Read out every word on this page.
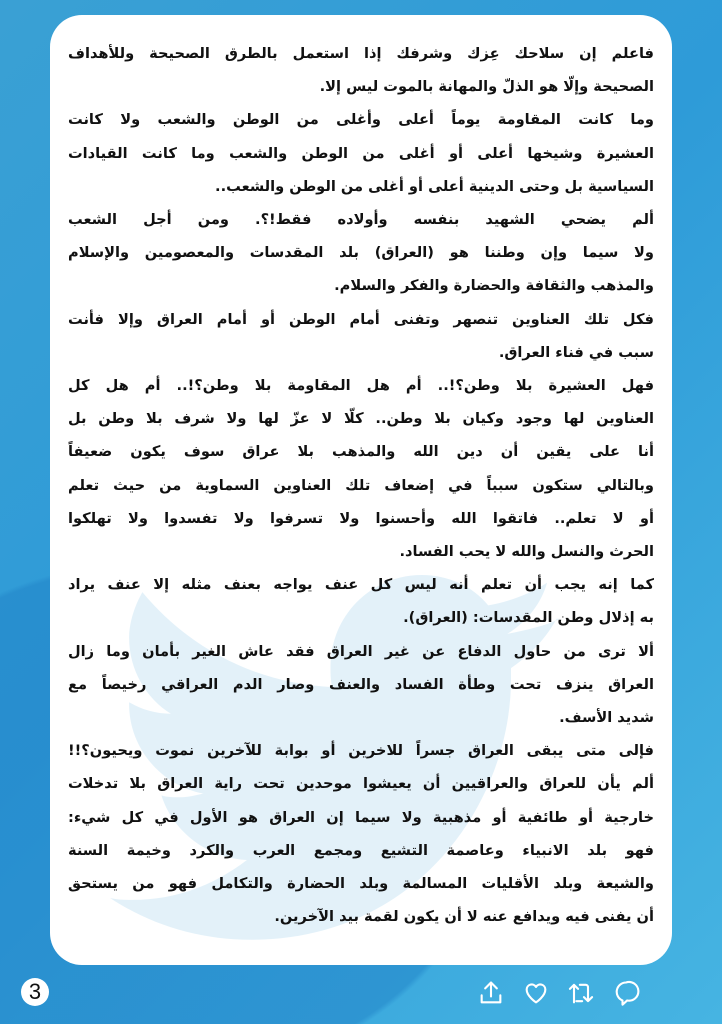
فاعلم إن سلاحك عِزك وشرفك إذا استعمل بالطرق الصحيحة وللأهداف
الصحيحة وإلّا هو الذلّ والمهانة بالموت ليس إلا.
وما كانت المقاومة يوماً أعلى وأغلى من الوطن والشعب ولا كانت
العشيرة وشيخها أعلى أو أغلى من الوطن والشعب وما كانت القيادات
السياسية بل وحتى الدينية أعلى أو أغلى من الوطن والشعب..
ألم يضحي الشهيد بنفسه وأولاده فقط!؟. ومن أجل الشعب
ولا سيما وإن وطننا هو (العراق) بلد المقدسات والمعصومين والإسلام
والمذهب والثقافة والحضارة والفكر والسلام.
فكل تلك العناوين تنصهر وتفنى أمام الوطن أو أمام العراق وإلا فأنت
سبب في فناء العراق.
فهل العشيرة بلا وطن؟!.. أم هل المقاومة بلا وطن؟!.. أم هل كل
العناوين لها وجود وكيان بلا وطن.. كلّا لا عزّ لها ولا شرف بلا وطن بل
أنا على يقين أن دين الله والمذهب بلا عراق سوف يكون ضعيفاً
وبالتالي ستكون سبباً في إضعاف تلك العناوين السماوية من حيث تعلم
أو لا تعلم.. فاتقوا الله وأحسنوا ولا تسرفوا ولا تفسدوا ولا تهلكوا
الحرث والنسل والله لا يحب الفساد.
كما إنه يجب أن تعلم أنه ليس كل عنف يواجه بعنف مثله إلا عنف يراد
به إذلال وطن المقدسات: (العراق).
ألا ترى من حاول الدفاع عن غير العراق فقد عاش الغير بأمان وما زال
العراق ينزف تحت وطأة الفساد والعنف وصار الدم العراقي رخيصاً مع
شديد الأسف.
فإلى متى يبقى العراق جسراً للاخرين أو بوابة للآخرين نموت ويحيون؟!!
ألم يأن للعراق والعراقيين أن يعيشوا موحدين تحت راية العراق بلا تدخلات
خارجية أو طائفية أو مذهبية ولا سيما إن العراق هو الأول في كل شيء:
فهو بلد الانبياء وعاصمة التشيع ومجمع العرب والكرد وخيمة السنة
والشيعة وبلد الأقليات المسالمة وبلد الحضارة والتكامل فهو من يستحق
أن يفنى فيه ويدافع عنه لا أن يكون لقمة بيد الآخرين.
3
